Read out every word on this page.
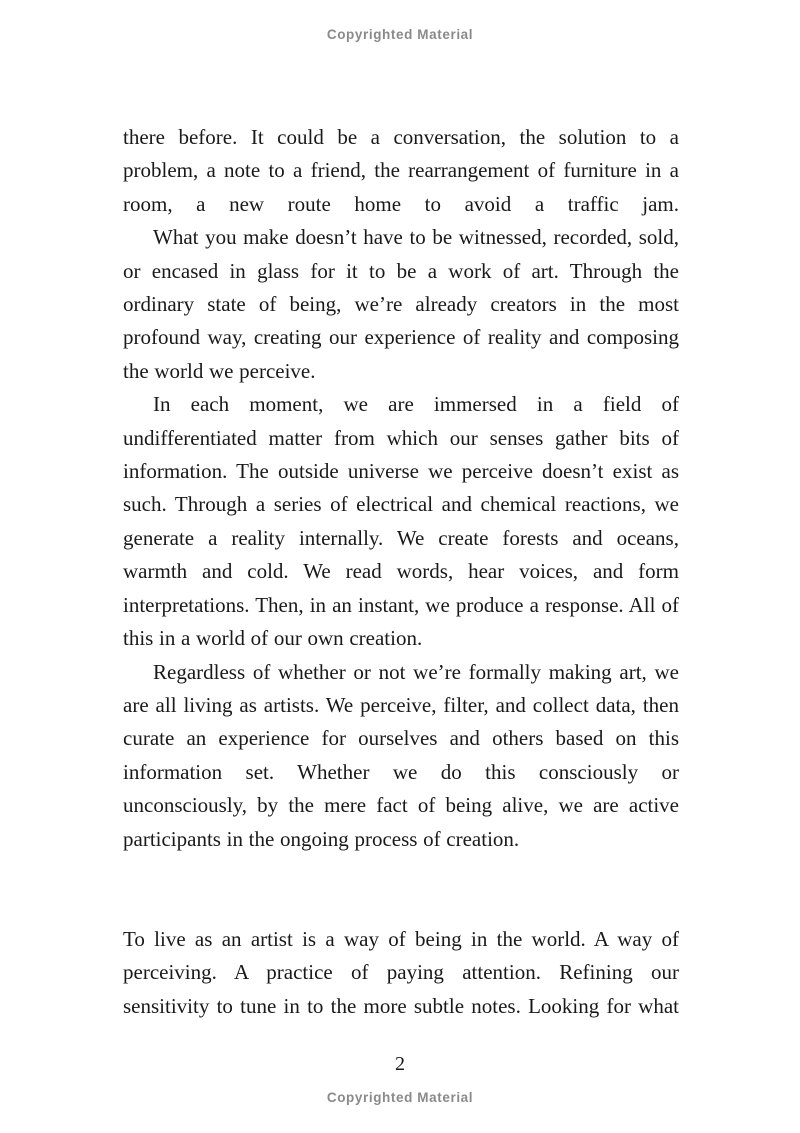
Copyrighted Material

there before. It could be a conversation, the solution to a problem, a note to a friend, the rearrangement of furniture in a room, a new route home to avoid a traffic jam.

What you make doesn’t have to be witnessed, recorded, sold, or encased in glass for it to be a work of art. Through the ordinary state of being, we’re already creators in the most profound way, creating our experience of reality and composing the world we perceive.

In each moment, we are immersed in a field of undifferentiated matter from which our senses gather bits of information. The outside universe we perceive doesn’t exist as such. Through a series of electrical and chemical reactions, we generate a reality internally. We create forests and oceans, warmth and cold. We read words, hear voices, and form interpretations. Then, in an instant, we produce a response. All of this in a world of our own creation.

Regardless of whether or not we’re formally making art, we are all living as artists. We perceive, filter, and collect data, then curate an experience for ourselves and others based on this information set. Whether we do this consciously or unconsciously, by the mere fact of being alive, we are active participants in the ongoing process of creation.

To live as an artist is a way of being in the world. A way of perceiving. A practice of paying attention. Refining our sensitivity to tune in to the more subtle notes. Looking for what

2
Copyrighted Material
